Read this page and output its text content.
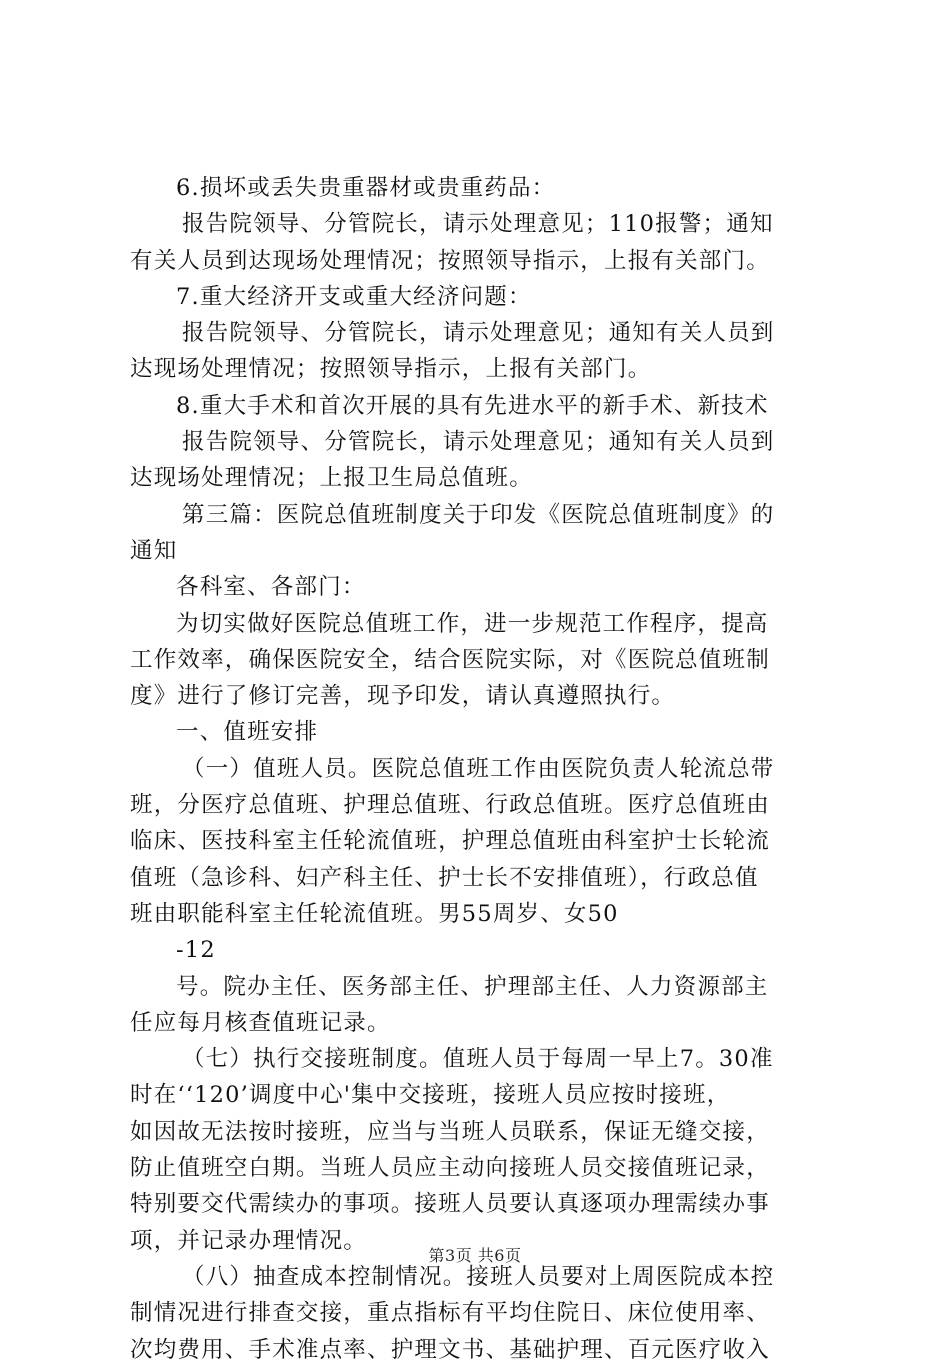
6.损坏或丢失贵重器材或贵重药品：
报告院领导、分管院长，请示处理意见；110报警；通知
有关人员到达现场处理情况；按照领导指示，上报有关部门。
7.重大经济开支或重大经济问题：
报告院领导、分管院长，请示处理意见；通知有关人员到
达现场处理情况；按照领导指示，上报有关部门。
8.重大手术和首次开展的具有先进水平的新手术、新技术
报告院领导、分管院长，请示处理意见；通知有关人员到
达现场处理情况；上报卫生局总值班。
第三篇：医院总值班制度关于印发《医院总值班制度》的
通知
各科室、各部门：
为切实做好医院总值班工作，进一步规范工作程序，提高
工作效率，确保医院安全，结合医院实际，对《医院总值班制
度》进行了修订完善，现予印发，请认真遵照执行。
一、值班安排
（一）值班人员。医院总值班工作由医院负责人轮流总带
班，分医疗总值班、护理总值班、行政总值班。医疗总值班由
临床、医技科室主任轮流值班，护理总值班由科室护士长轮流
值班（急诊科、妇产科主任、护士长不安排值班），行政总值
班由职能科室主任轮流值班。男55周岁、女50
-12
号。院办主任、医务部主任、护理部主任、人力资源部主
任应每月核查值班记录。
（七）执行交接班制度。值班人员于每周一早上7。30准
时在‘‘120’调度中心'集中交接班，接班人员应按时接班，
如因故无法按时接班，应当与当班人员联系，保证无缝交接，
防止值班空白期。当班人员应主动向接班人员交接值班记录，
特别要交代需续办的事项。接班人员要认真逐项办理需续办事
项，并记录办理情况。
（八）抽查成本控制情况。接班人员要对上周医院成本控
制情况进行排查交接，重点指标有平均住院日、床位使用率、
次均费用、手术准点率、护理文书、基础护理、百元医疗收入
第3页 共6页
